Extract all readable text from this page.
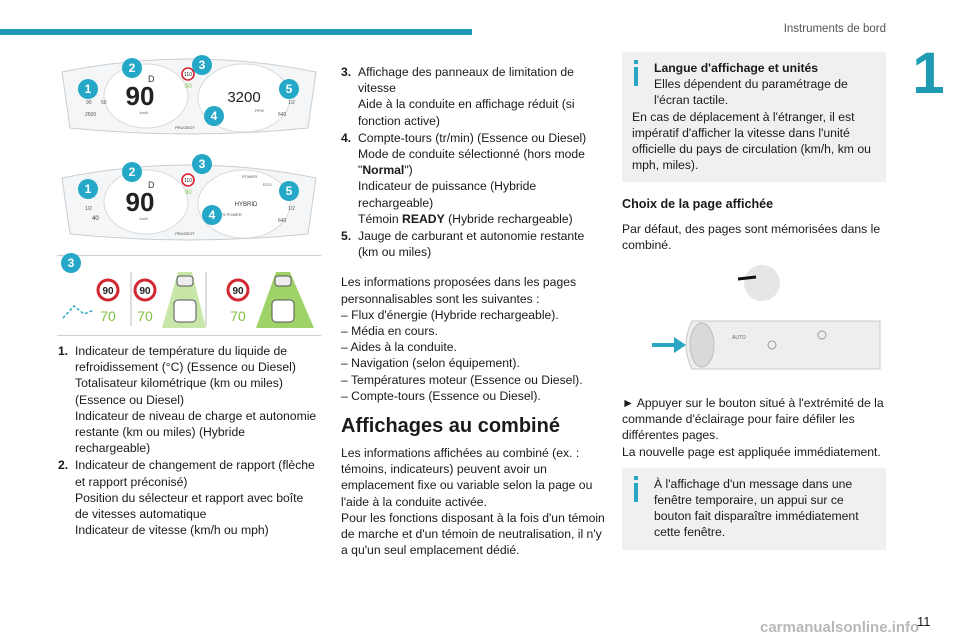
Instruments de bord
1
90
D
km/h
3200
RPM
90 50
2500
1/2
640
110
90
PEUGEOT
1
2	3
4
5
90
D
km/h
POWER
ECO
HYBRID
% POWER
1/2
40
1/2
640
110
90
PEUGEOT
1
2
3
4
5
90
70
90
70
90
70
3
1. Indicateur de température du liquide de refroidissement (°C) (Essence ou Diesel)
Totalisateur kilométrique (km ou miles) (Essence ou Diesel)
Indicateur de niveau de charge et autonomie restante (km ou miles) (Hybride rechargeable)
2. Indicateur de changement de rapport (flèche et rapport préconisé)
Position du sélecteur et rapport avec boîte de vitesses automatique
Indicateur de vitesse (km/h ou mph)
3. Affichage des panneaux de limitation de vitesse
Aide à la conduite en affichage réduit (si fonction active)
4. Compte-tours (tr/min) (Essence ou Diesel)
Mode de conduite sélectionné (hors mode "Normal")
Indicateur de puissance (Hybride rechargeable)
Témoin READY (Hybride rechargeable)
5. Jauge de carburant et autonomie restante (km ou miles)

Les informations proposées dans les pages personnalisables sont les suivantes :

– Flux d'énergie (Hybride rechargeable).
– Média en cours.
– Aides à la conduite.
– Navigation (selon équipement).
– Températures moteur (Essence ou Diesel).
– Compte-tours (Essence ou Diesel).
Affichages au combiné

Les informations affichées au combiné (ex. : témoins, indicateurs) peuvent avoir un emplacement fixe ou variable selon la page ou l'aide à la conduite activée.

Pour les fonctions disposant à la fois d'un témoin de marche et d'un témoin de neutralisation, il n'y a qu'un seul emplacement dédié.

Langue d'affichage et unités
Elles dépendent du paramétrage de l'écran tactile.
En cas de déplacement à l'étranger, il est impératif d'afficher la vitesse dans l'unité officielle du pays de circulation (km/h, km ou mph, miles).
Choix de la page affichée

Par défaut, des pages sont mémorisées dans le combiné.

AUTO

► Appuyer sur le bouton situé à l'extrémité de la commande d'éclairage pour faire défiler les différentes pages.

La nouvelle page est appliquée immédiatement.

À l'affichage d'un message dans une fenêtre temporaire, un appui sur ce bouton fait disparaître immédiatement cette fenêtre.
carmanualsonline.info
11
